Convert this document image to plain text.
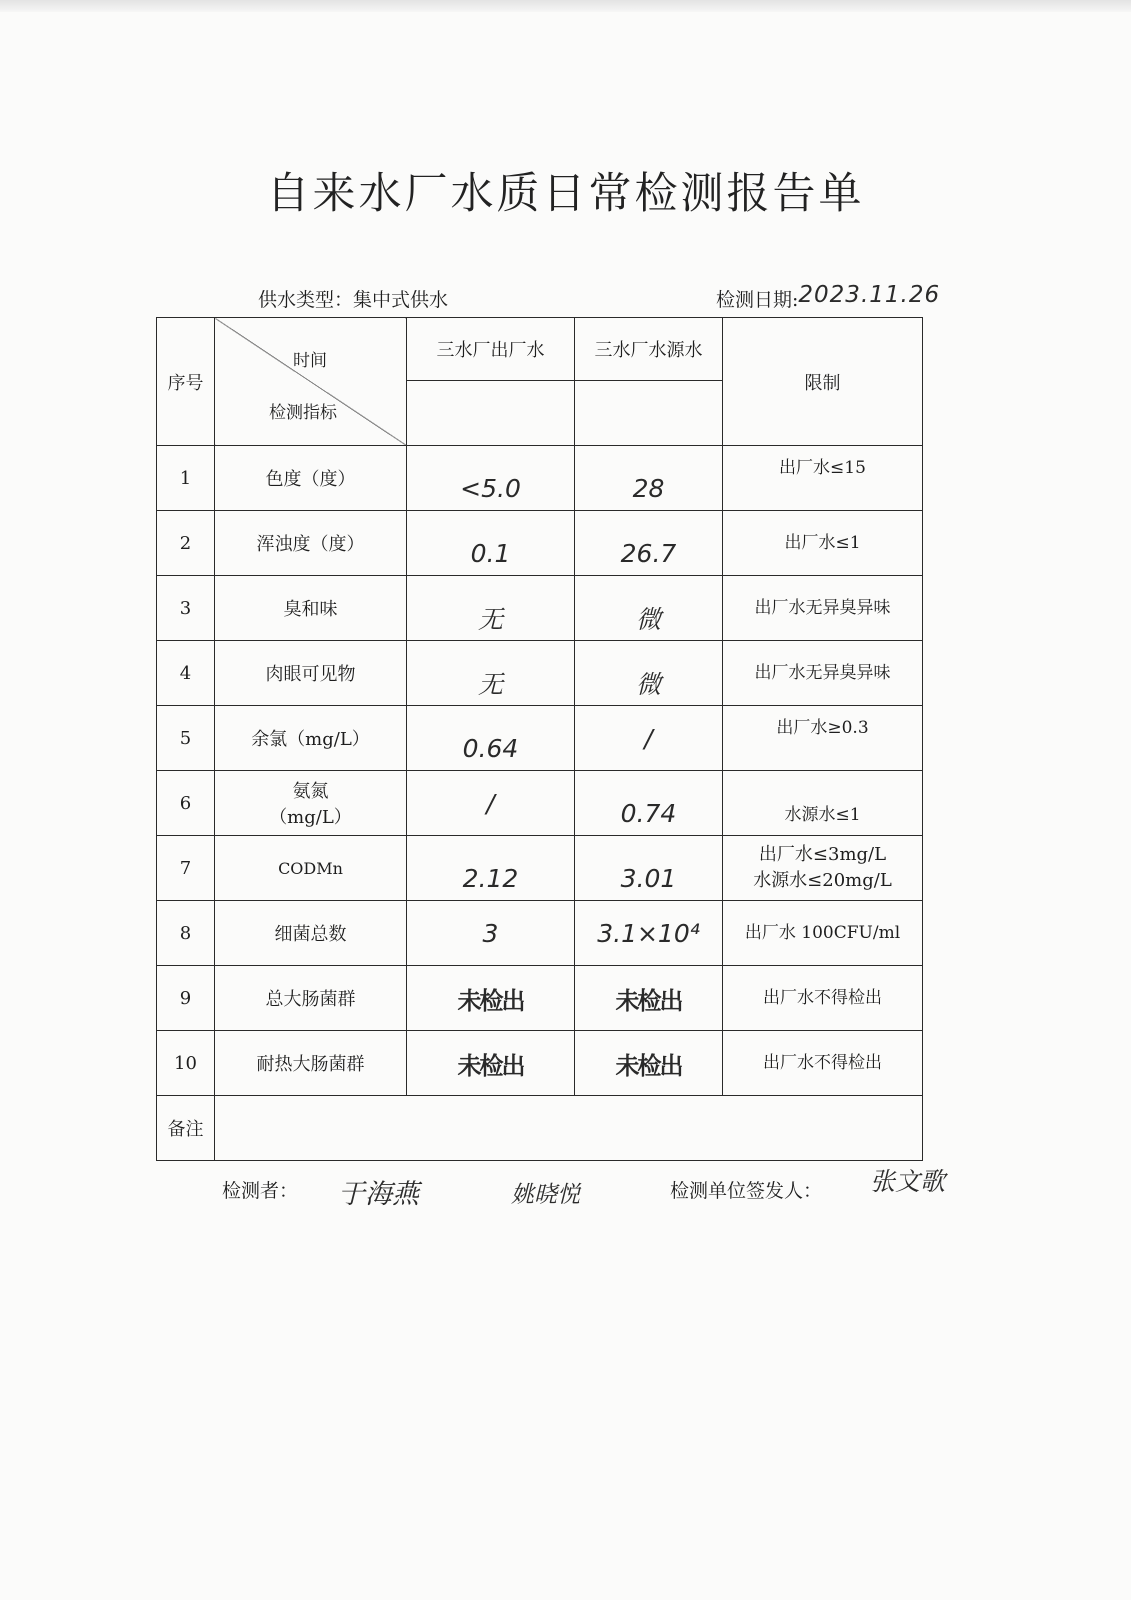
自来水厂水质日常检测报告单
供水类型：集中式供水	检测日期:2023.11.26
序号	时间
检测指标	三水厂出厂水	三水厂水源水	限制

1	色度（度）	<5.0	28	出厂水≤15
2	浑浊度（度）	0.1	26.7	出厂水≤1
3	臭和味	无	微	出厂水无异臭异味
4	肉眼可见物	无	微	出厂水无异臭异味
5	余氯（mg/L）	0.64	/	出厂水≥0.3
6	氨氮
（mg/L）	/	0.74	水源水≤1
7	CODMn	2.12	3.01	出厂水≤3mg/L
水源水≤20mg/L

8	细菌总数	3	3.1×10⁴	出厂水 100CFU/ml
9	总大肠菌群	未检出	未检出	出厂水不得检出
10	耐热大肠菌群	未检出	未检出	出厂水不得检出
备注				
检测者： 于海燕	姚晓悦	检测单位签发人： 张文歌
